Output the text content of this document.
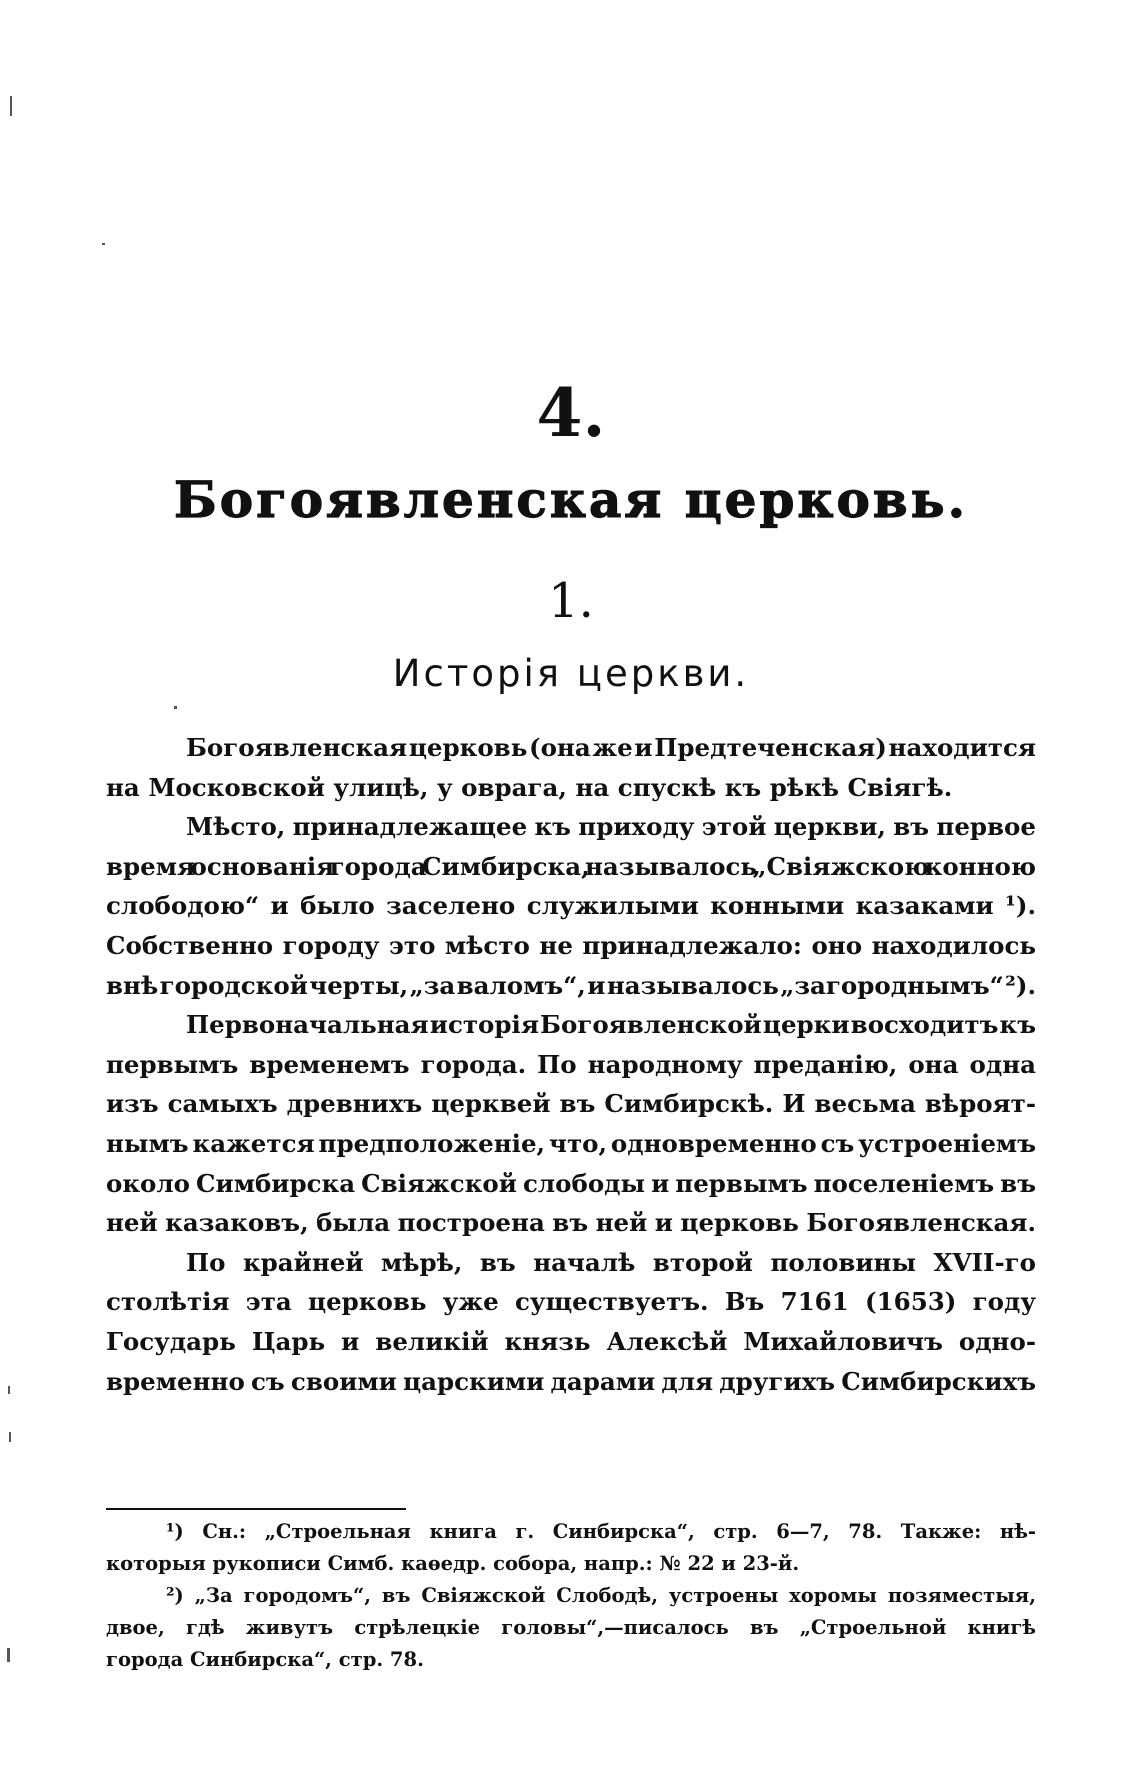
4.
Богоявленская церковь.
1.
Исторія церкви.
Богоявленская церковь (она же и Предтеченская) находится
на Московской улицѣ, у оврага, на спускѣ къ рѣкѣ Свіягѣ.
Мѣсто, принадлежащее къ приходу этой церкви, въ первое
время основанія города Симбирска, называлось „Свіяжскою конною
слободою“ и было заселено служилыми конными казаками ¹).
Собственно городу это мѣсто не принадлежало: оно находилось
внѣ городской черты, „за валомъ“, и называлось „загороднымъ“ ²).
Первоначальная исторія Богоявленской церки восходитъ къ
первымъ временемъ города. По народному преданію, она одна
изъ самыхъ древнихъ церквей въ Симбирскѣ. И весьма вѣроят-
нымъ кажется предположеніе, что, одновременно съ устроеніемъ
около Симбирска Свіяжской слободы и первымъ поселеніемъ въ
ней казаковъ, была построена въ ней и церковь Богоявленская.
По крайней мѣрѣ, въ началѣ второй половины XVII-го
столѣтія эта церковь уже существуетъ. Въ 7161 (1653) году
Государь Царь и великій князь Алексѣй Михайловичъ одно-
временно съ своими царскими дарами для другихъ Симбирскихъ
¹) Сн.: „Строельная книга г. Синбирска“, стр. 6—7, 78. Также: нѣ-
которыя рукописи Симб. каѳедр. собора, напр.: № 22 и 23-й.
²) „За городомъ“, въ Свіяжской Слободѣ, устроены хоромы позяместыя,
двое, гдѣ живутъ стрѣлецкіе головы“,—писалось въ „Строельной книгѣ
города Синбирска“, стр. 78.
